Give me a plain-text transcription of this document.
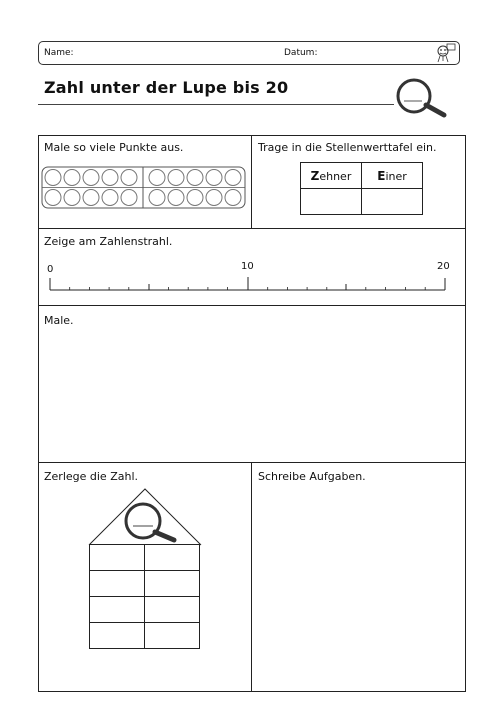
Name:	Datum:
Zahl unter der Lupe bis 20
Male so viele Punkte aus.	Trage in die Stellenwerttafel ein.
Zehner	Einer

Zeige am Zahlenstrahl.
0	10	20
Male.
Zerlege die Zahl.

		Schreibe Aufgaben.
